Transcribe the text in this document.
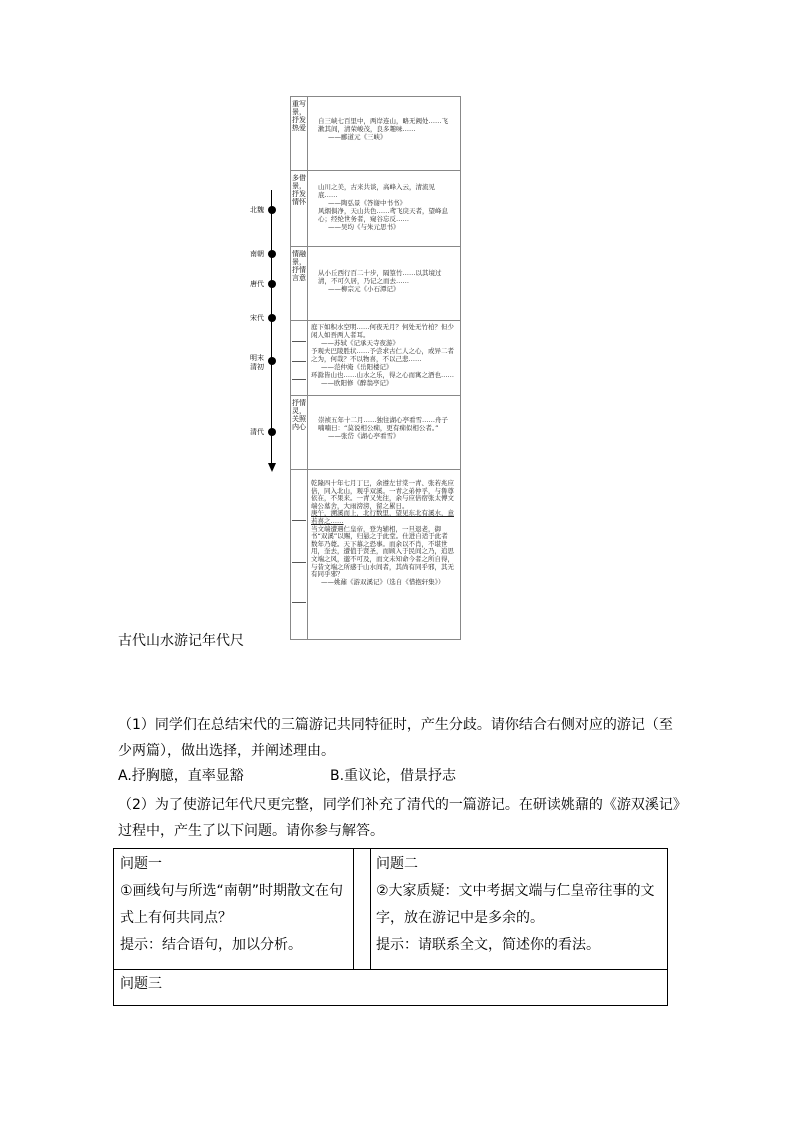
北魏
南朝
唐代
宋代
明末
清初
清代
重写景，抒发热爱
自三峡七百里中，两岸连山，略无阙处……飞漱其间，清荣峻茂，良多趣味……
——郦道元《三峡》
多借景，抒发情怀
山川之美，古来共谈，高峰入云，清流见底……
——陶弘景《答谢中书书》
风烟俱净，天山共色……鸢飞戾天者，望峰息心；经纶世务者，窥谷忘反……
——吴均《与朱元思书》
情融景，抒情言意
从小丘西行百二十步，隔篁竹……以其境过清，不可久居，乃记之而去……
——柳宗元《小石潭记》
庭下如积水空明……何夜无月？何处无竹柏？但少闲人如吾两人者耳。
——苏轼《记承天寺夜游》
予观夫巴陵胜状……予尝求古仁人之心，或异二者之为，何哉？不以物喜，不以己悲……
——范仲淹《岳阳楼记》
环滁皆山也……山水之乐，得之心而寓之酒也……
——欧阳修《醉翁亭记》
抒情灵，关照内心
崇祯五年十二月……独往湖心亭看雪……舟子喃喃曰：“莫说相公痴，更有痴似相公者。”
——张岱《湖心亭看雪》
乾隆四十年七月丁巳，余遵左甘棠一青、张若兆应倍，同入北山，观乎双溪。一青之弟仲孚，与鲁尊依在，不果来。一青又先往，余与应倍宿张太傅文端公墓舍，大雨滂滂，留之累日。
庚午，溯溪而上，北行数里，望见东北有溪水，意若喜之……
当文端遭遇仁皇帝，登为辅相，一旦退老，御书“双溪”以赐，归悬之于此堂。仕进自适于此者数年乃薨。天下慕之恐事。而余以不肖，不堪世用，奎去，遭值于贤圣，而顾入于民间之乃，追思文端之风，邈不可及，而文未知命今者之所自得，与昔文端之所感于山水间者，其尚有同乎邪，其无有同乎邪？
——姚鼐《游双溪记》（选自《惜抱轩集》）
古代山水游记年代尺
（1）同学们在总结宋代的三篇游记共同特征时，产生分歧。请你结合右侧对应的游记（至少两篇），做出选择，并阐述理由。
A.抒胸臆，直率显豁	B.重议论，借景抒志
（2）为了使游记年代尺更完整，同学们补充了清代的一篇游记。在研读姚鼐的《游双溪记》过程中，产生了以下问题。请你参与解答。
问题一
①画线句与所选“南朝”时期散文在句式上有何共同点？
提示：结合语句，加以分析。
问题二
②大家质疑：文中考据文端与仁皇帝往事的文字，放在游记中是多余的。
提示：请联系全文，简述你的看法。
问题三
